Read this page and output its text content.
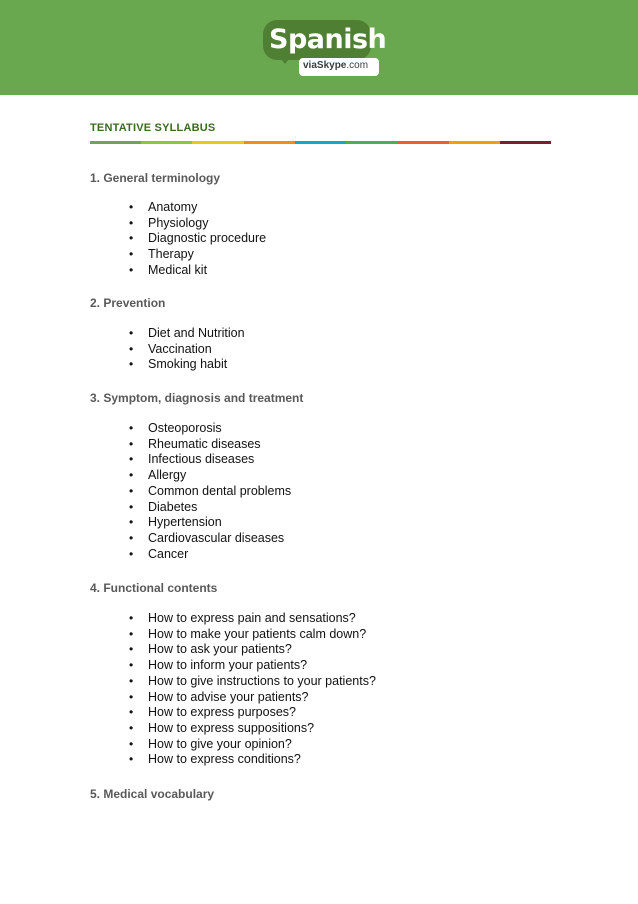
Spanish
viaSkype.com
TENTATIVE SYLLABUS
1. General terminology
• Anatomy
• Physiology
• Diagnostic procedure
• Therapy
• Medical kit
2. Prevention
• Diet and Nutrition
• Vaccination
• Smoking habit
3. Symptom, diagnosis and treatment
• Osteoporosis
• Rheumatic diseases
• Infectious diseases
• Allergy
• Common dental problems
• Diabetes
• Hypertension
• Cardiovascular diseases
• Cancer
4. Functional contents
• How to express pain and sensations?
• How to make your patients calm down?
• How to ask your patients?
• How to inform your patients?
• How to give instructions to your patients?
• How to advise your patients?
• How to express purposes?
• How to express suppositions?
• How to give your opinion?
• How to express conditions?
5. Medical vocabulary
